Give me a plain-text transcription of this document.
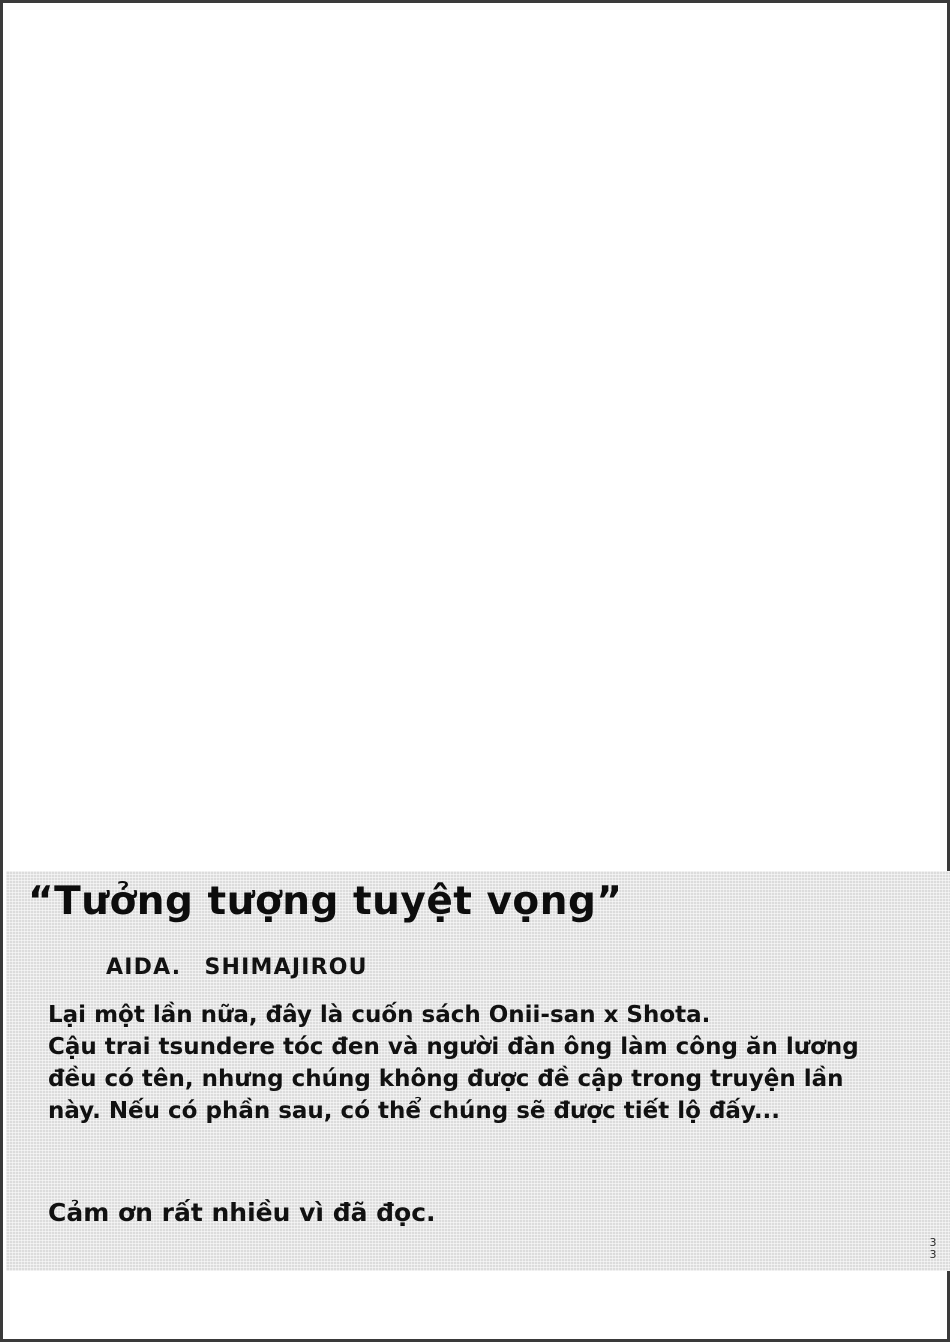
“Tưởng tượng tuyệt vọng”
AIDA. SHIMAJIROU
Lại một lần nữa, đây là cuốn sách Onii-san x Shota.
Cậu trai tsundere tóc đen và người đàn ông làm công ăn lương
đều có tên, nhưng chúng không được đề cập trong truyện lần
này. Nếu có phần sau, có thể chúng sẽ được tiết lộ đấy...
Cảm ơn rất nhiều vì đã đọc.
3
3
